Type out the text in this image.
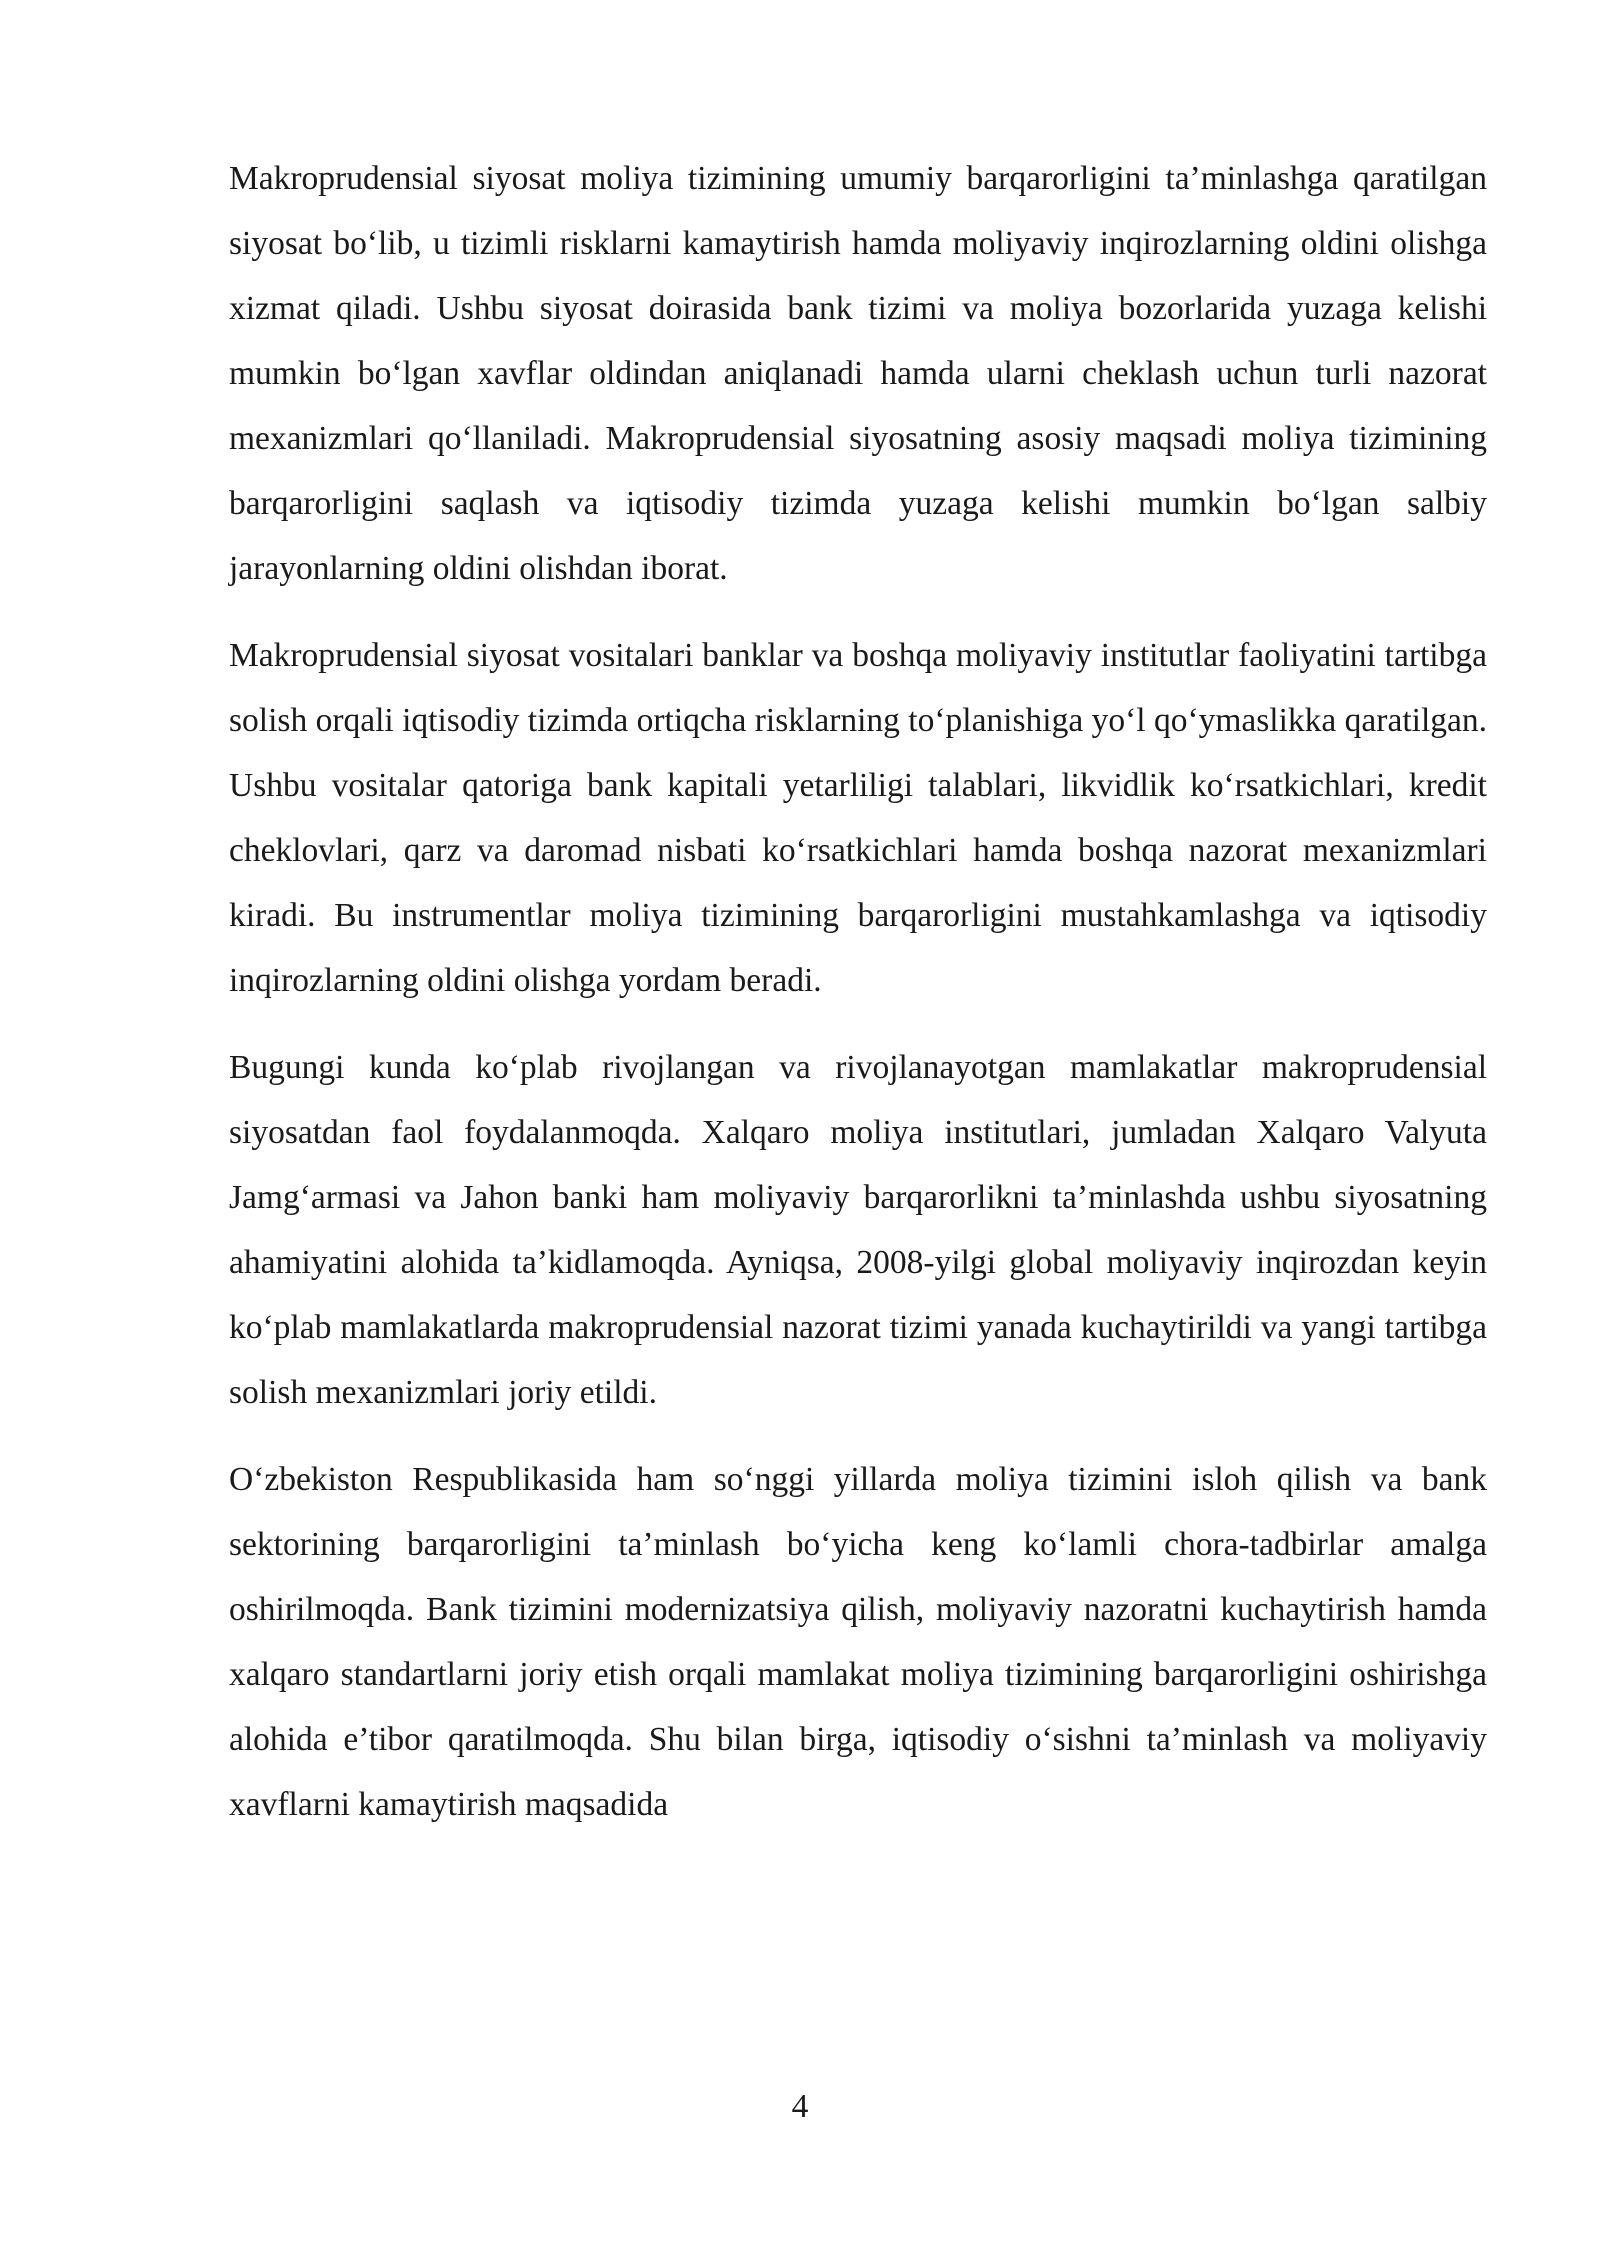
Makroprudensial siyosat moliya tizimining umumiy barqarorligini ta’minlashga qaratilgan siyosat bo‘lib, u tizimli risklarni kamaytirish hamda moliyaviy inqirozlarning oldini olishga xizmat qiladi. Ushbu siyosat doirasida bank tizimi va moliya bozorlarida yuzaga kelishi mumkin bo‘lgan xavflar oldindan aniqlanadi hamda ularni cheklash uchun turli nazorat mexanizmlari qo‘llaniladi. Makroprudensial siyosatning asosiy maqsadi moliya tizimining barqarorligini saqlash va iqtisodiy tizimda yuzaga kelishi mumkin bo‘lgan salbiy jarayonlarning oldini olishdan iborat.

Makroprudensial siyosat vositalari banklar va boshqa moliyaviy institutlar faoliyatini tartibga solish orqali iqtisodiy tizimda ortiqcha risklarning to‘planishiga yo‘l qo‘ymaslikka qaratilgan. Ushbu vositalar qatoriga bank kapitali yetarliligi talablari, likvidlik ko‘rsatkichlari, kredit cheklovlari, qarz va daromad nisbati ko‘rsatkichlari hamda boshqa nazorat mexanizmlari kiradi. Bu instrumentlar moliya tizimining barqarorligini mustahkamlashga va iqtisodiy inqirozlarning oldini olishga yordam beradi.

Bugungi kunda ko‘plab rivojlangan va rivojlanayotgan mamlakatlar makroprudensial siyosatdan faol foydalanmoqda. Xalqaro moliya institutlari, jumladan Xalqaro Valyuta Jamg‘armasi va Jahon banki ham moliyaviy barqarorlikni ta’minlashda ushbu siyosatning ahamiyatini alohida ta’kidlamoqda. Ayniqsa, 2008-yilgi global moliyaviy inqirozdan keyin ko‘plab mamlakatlarda makroprudensial nazorat tizimi yanada kuchaytirildi va yangi tartibga solish mexanizmlari joriy etildi.

O‘zbekiston Respublikasida ham so‘nggi yillarda moliya tizimini isloh qilish va bank sektorining barqarorligini ta’minlash bo‘yicha keng ko‘lamli chora-tadbirlar amalga oshirilmoqda. Bank tizimini modernizatsiya qilish, moliyaviy nazoratni kuchaytirish hamda xalqaro standartlarni joriy etish orqali mamlakat moliya tizimining barqarorligini oshirishga alohida e’tibor qaratilmoqda. Shu bilan birga, iqtisodiy o‘sishni ta’minlash va moliyaviy xavflarni kamaytirish maqsadida

4
